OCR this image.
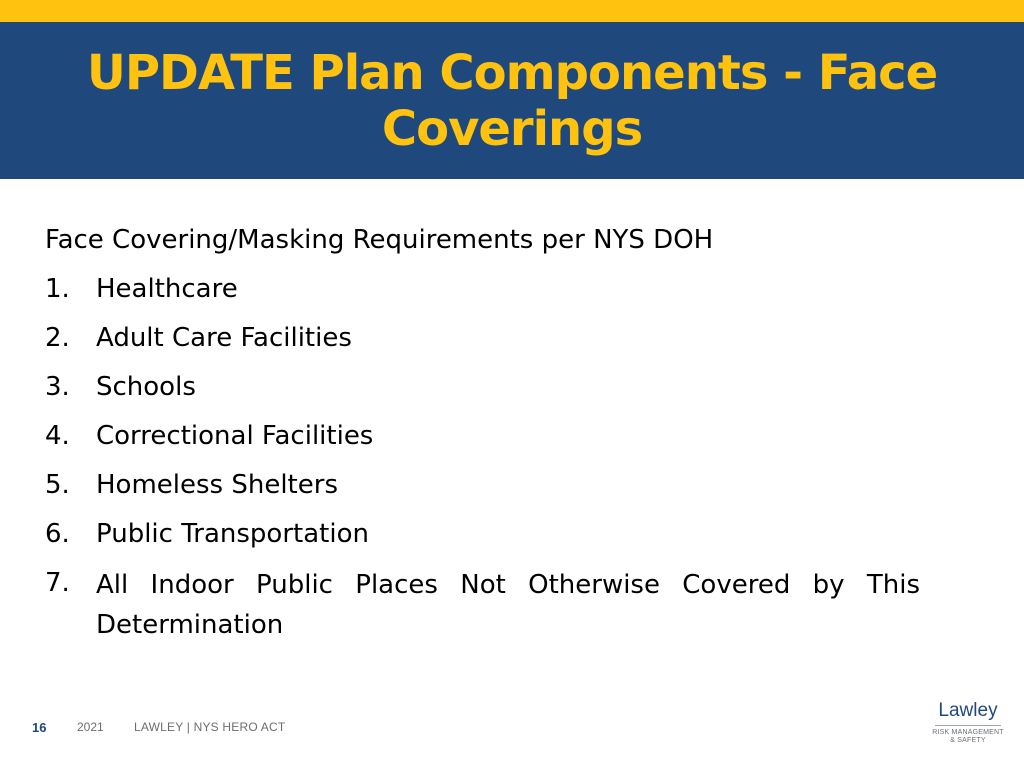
UPDATE Plan Components - Face Coverings

Face Covering/Masking Requirements per NYS DOH

1.	Healthcare
2.	Adult Care Facilities
3.	Schools
4.	Correctional Facilities
5.	Homeless Shelters
6.	Public Transportation
7.	All Indoor Public Places Not Otherwise Covered by This Determination
16	2021	LAWLEY | NYS HERO ACT
Lawley
RISK MANAGEMENT
& SAFETY
